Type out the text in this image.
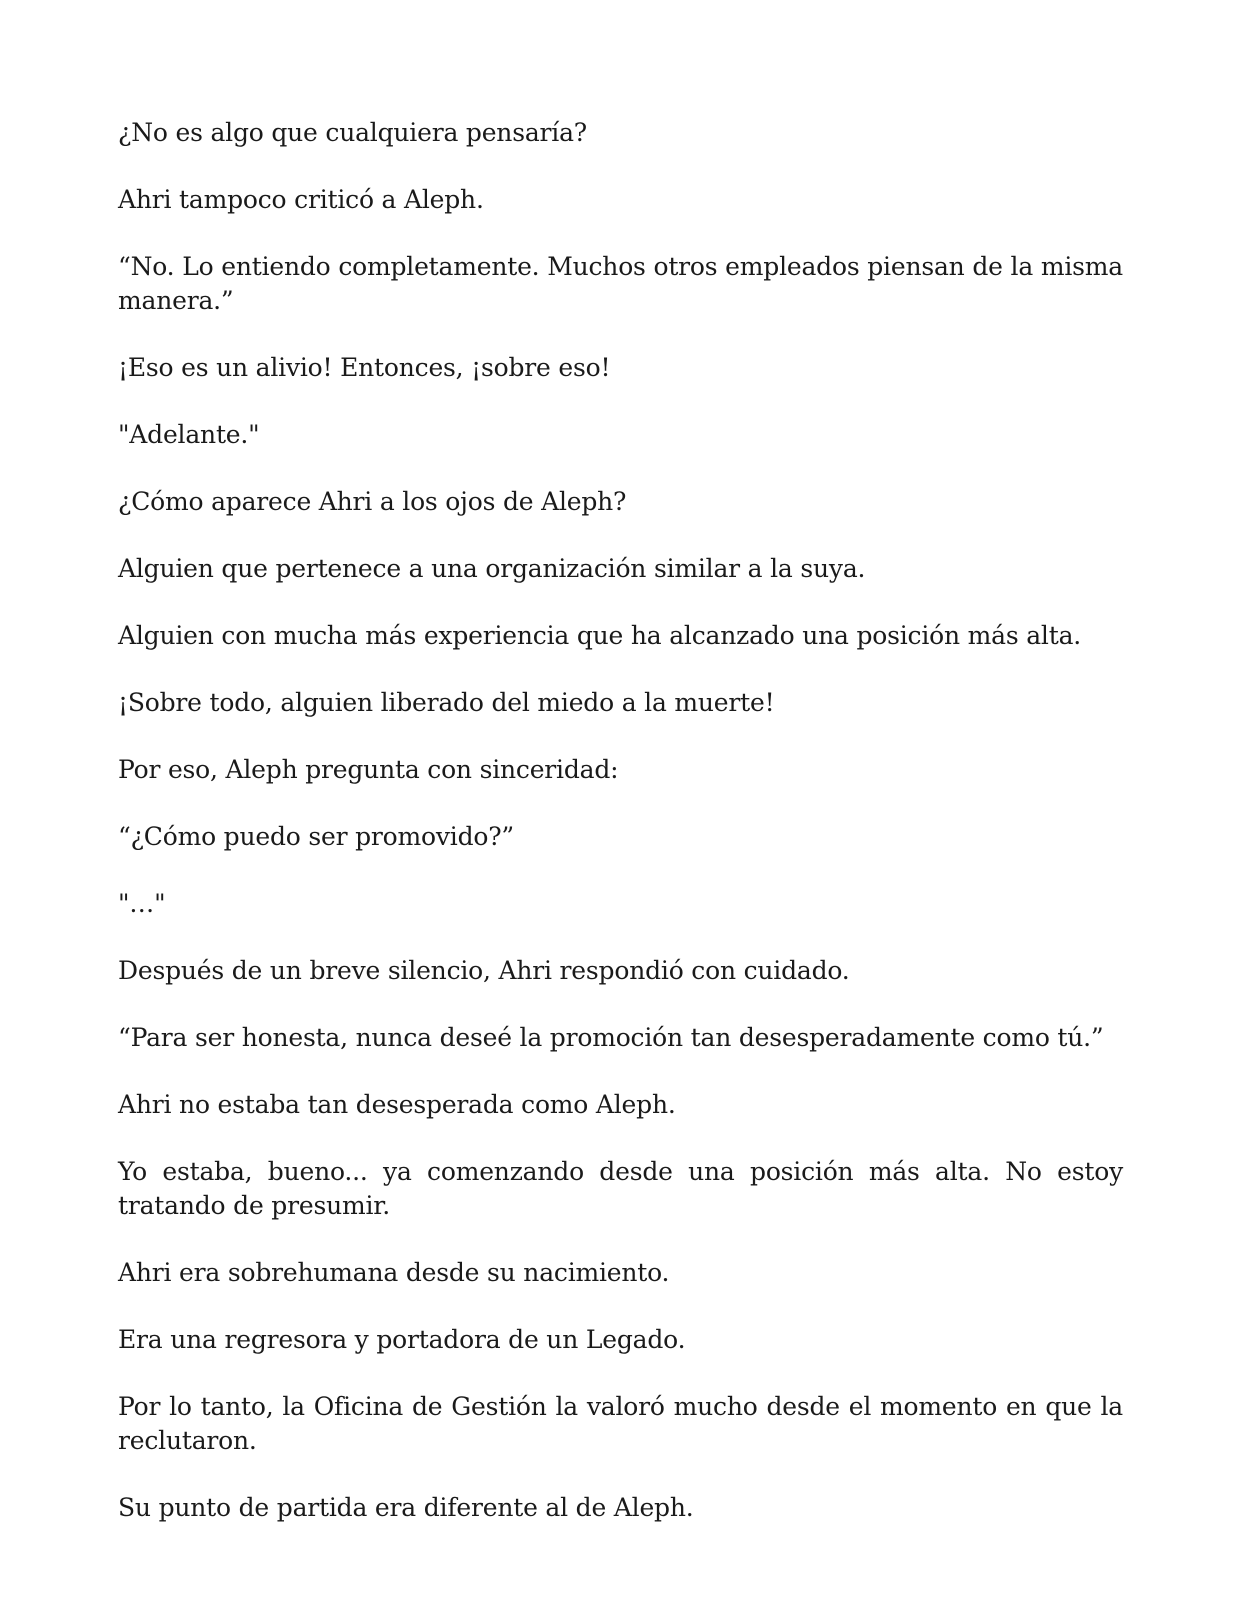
¿No es algo que cualquiera pensaría?

Ahri tampoco criticó a Aleph.

“No. Lo entiendo completamente. Muchos otros empleados piensan de la misma manera.”

¡Eso es un alivio! Entonces, ¡sobre eso!

"Adelante."

¿Cómo aparece Ahri a los ojos de Aleph?

Alguien que pertenece a una organización similar a la suya.

Alguien con mucha más experiencia que ha alcanzado una posición más alta.

¡Sobre todo, alguien liberado del miedo a la muerte!

Por eso, Aleph pregunta con sinceridad:

“¿Cómo puedo ser promovido?”

"…"

Después de un breve silencio, Ahri respondió con cuidado.

“Para ser honesta, nunca deseé la promoción tan desesperadamente como tú.”

Ahri no estaba tan desesperada como Aleph.

Yo estaba, bueno... ya comenzando desde una posición más alta. No estoy tratando de presumir.

Ahri era sobrehumana desde su nacimiento.

Era una regresora y portadora de un Legado.

Por lo tanto, la Oficina de Gestión la valoró mucho desde el momento en que la reclutaron.

Su punto de partida era diferente al de Aleph.
